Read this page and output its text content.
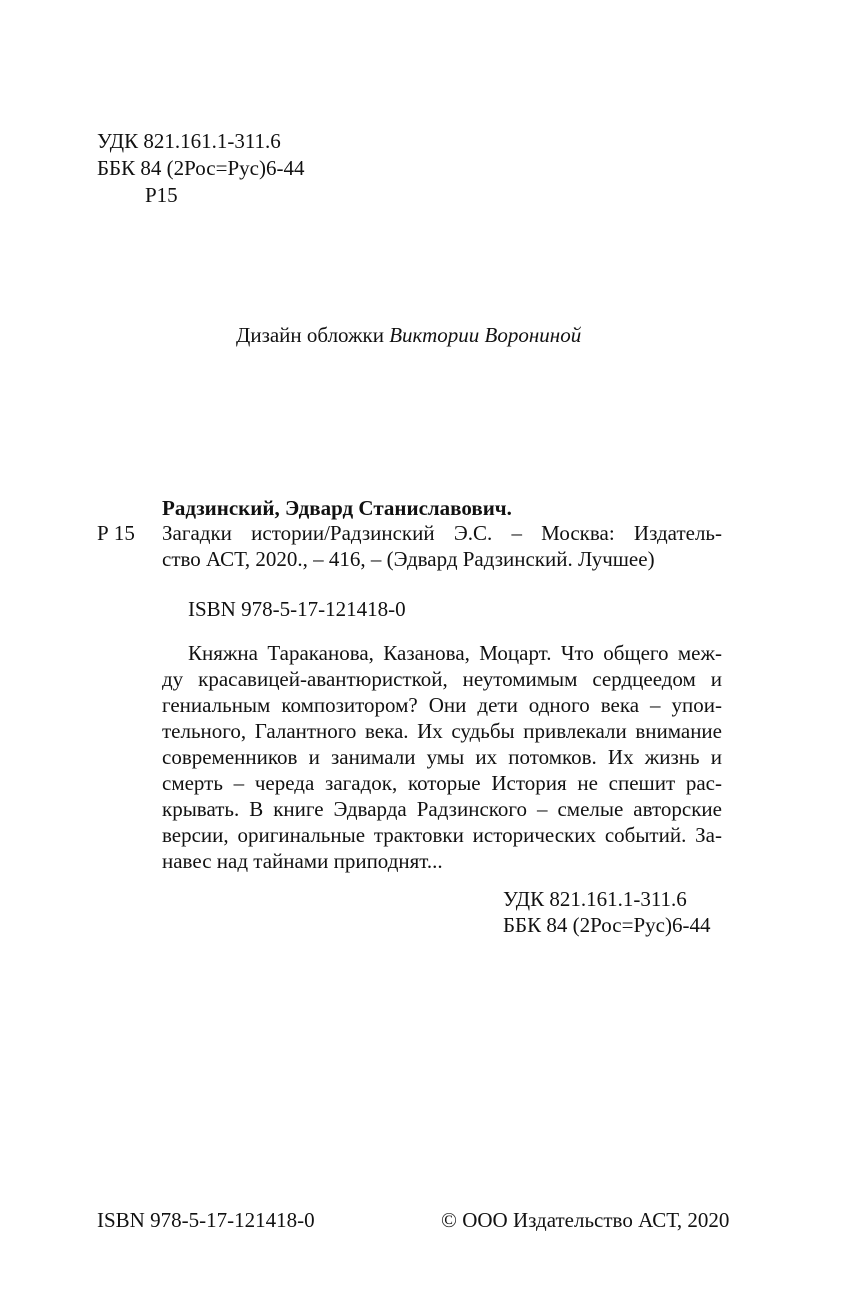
УДК 821.161.1-311.6
ББК 84 (2Рос=Рус)6-44
Р15
Дизайн обложки Виктории Ворониной
Радзинский, Эдвард Станиславович.
Р 15 Загадки истории/Радзинский Э.С. – Москва: Издатель-
ство АСТ, 2020., – 416, – (Эдвард Радзинский. Лучшее)
ISBN 978-5-17-121418-0
Княжна Тараканова, Казанова, Моцарт. Что общего меж-
ду красавицей-авантюристкой, неутомимым сердцеедом и
гениальным композитором? Они дети одного века – упои-
тельного, Галантного века. Их судьбы привлекали внимание
современников и занимали умы их потомков. Их жизнь и
смерть – череда загадок, которые История не спешит рас-
крывать. В книге Эдварда Радзинского – смелые авторские
версии, оригинальные трактовки исторических событий. За-
навес над тайнами приподнят...
УДК 821.161.1-311.6
ББК 84 (2Рос=Рус)6-44
ISBN 978-5-17-121418-0	© ООО Издательство АСТ, 2020
